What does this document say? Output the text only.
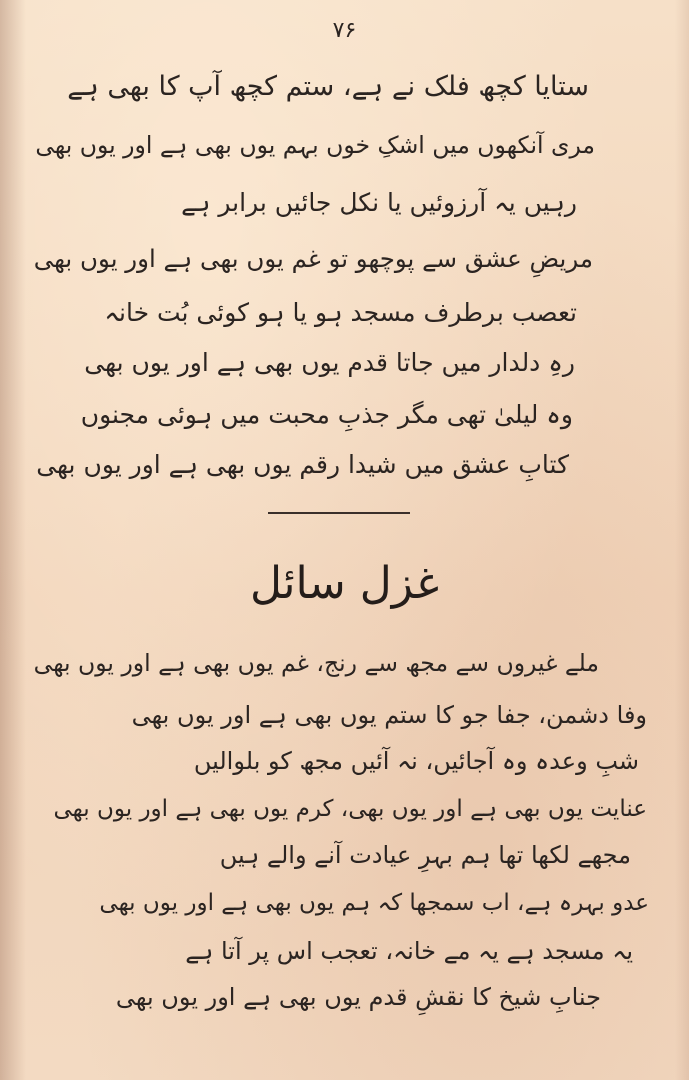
۷۶
ستایا کچھ فلک نے ہے، ستم کچھ آپ کا بھی ہے
مری آنکھوں میں اشکِ خوں بہم یوں بھی ہے اور یوں بھی
رہیں یہ آرزوئیں یا نکل جائیں برابر ہے
مریضِ عشق سے پوچھو تو غم یوں بھی ہے اور یوں بھی
تعصب برطرف مسجد ہو یا ہو کوئی بُت خانہ
رہِ دلدار میں جاتا قدم یوں بھی ہے اور یوں بھی
وہ لیلیٰ تھی مگر جذبِ محبت میں ہوئی مجنوں
کتابِ عشق میں شیدا رقم یوں بھی ہے اور یوں بھی
غزل سائل
ملے غیروں سے مجھ سے رنج، غم یوں بھی ہے اور یوں بھی
وفا دشمن، جفا جو کا ستم یوں بھی ہے اور یوں بھی
شبِ وعدہ وہ آجائیں، نہ آئیں مجھ کو بلوالیں
عنایت یوں بھی ہے اور یوں بھی، کرم یوں بھی ہے اور یوں بھی
مجھے لکھا تھا ہم بہرِ عیادت آنے والے ہیں
عدو بہرہ ہے، اب سمجھا کہ ہم یوں بھی ہے اور یوں بھی
یہ مسجد ہے یہ مے خانہ، تعجب اس پر آتا ہے
جنابِ شیخ کا نقشِ قدم یوں بھی ہے اور یوں بھی
